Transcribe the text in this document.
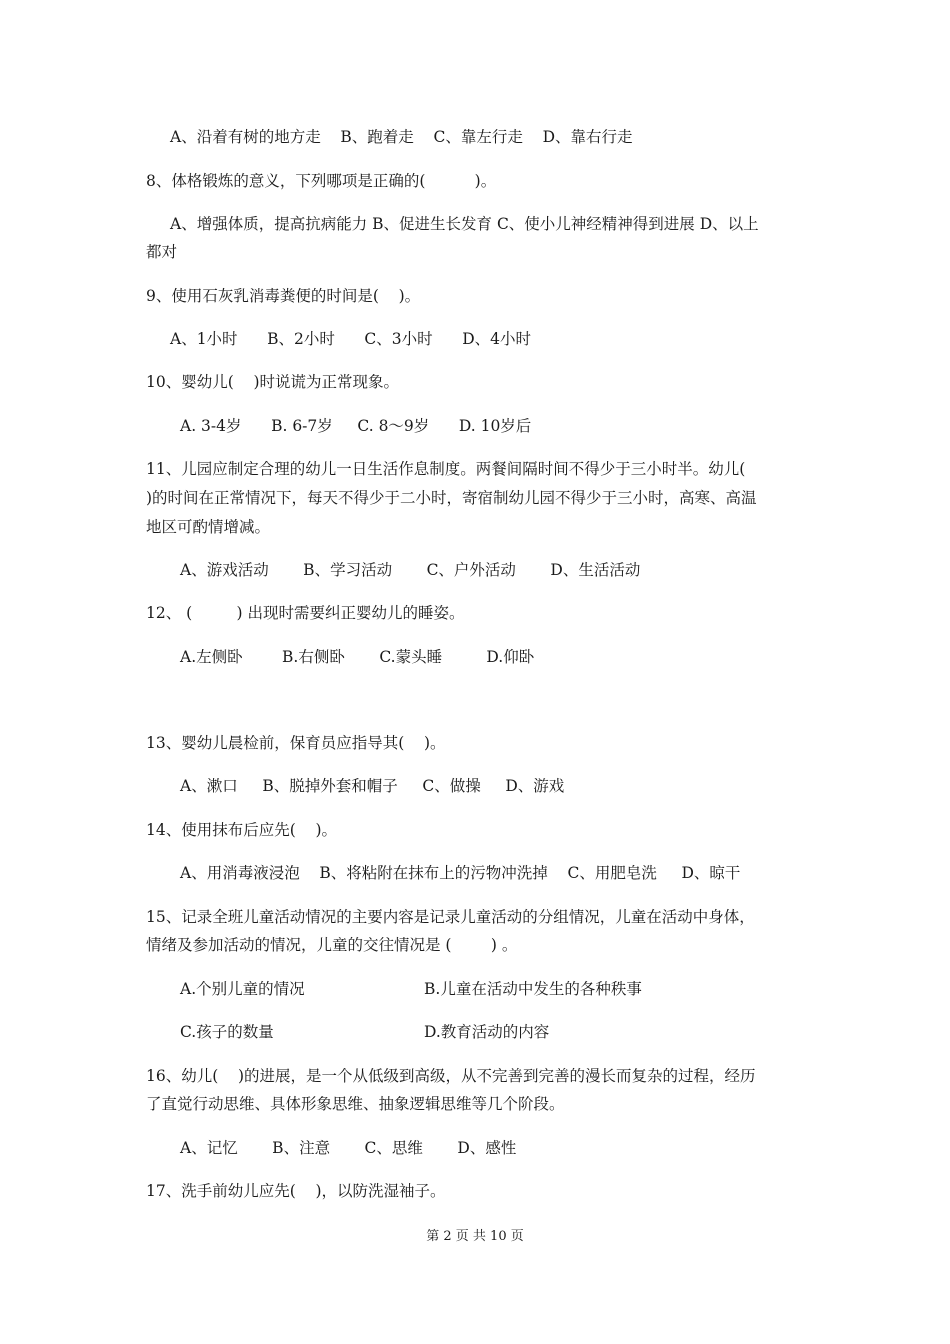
A、沿着有树的地方走    B、跑着走    C、靠左行走    D、靠右行走
8、体格锻炼的意义，下列哪项是正确的(          )。
A、增强体质，提高抗病能力 B、促进生长发育 C、使小儿神经精神得到进展 D、以上
都对
9、使用石灰乳消毒粪便的时间是(    )。
A、1小时      B、2小时      C、3小时      D、4小时
10、婴幼儿(    )时说谎为正常现象。
A. 3-4岁      B. 6-7岁     C. 8～9岁      D. 10岁后
11、儿园应制定合理的幼儿一日生活作息制度。两餐间隔时间不得少于三小时半。幼儿(
)的时间在正常情况下，每天不得少于二小时，寄宿制幼儿园不得少于三小时，高寒、高温
地区可酌情增减。
A、游戏活动       B、学习活动       C、户外活动       D、生活活动
12、 (         ) 出现时需要纠正婴幼儿的睡姿。
A.左侧卧        B.右侧卧       C.蒙头睡         D.仰卧
13、婴幼儿晨检前，保育员应指导其(    )。
A、漱口     B、脱掉外套和帽子     C、做操     D、游戏
14、使用抹布后应先(    )。
A、用消毒液浸泡    B、将粘附在抹布上的污物冲洗掉    C、用肥皂洗     D、晾干
15、记录全班儿童活动情况的主要内容是记录儿童活动的分组情况，儿童在活动中身体，
情绪及参加活动的情况，儿童的交往情况是 (        ) 。
A.个别儿童的情况	B.儿童在活动中发生的各种秩事
C.孩子的数量	D.教育活动的内容
16、幼儿(    )的进展，是一个从低级到高级，从不完善到完善的漫长而复杂的过程，经历
了直觉行动思维、具体形象思维、抽象逻辑思维等几个阶段。
A、记忆       B、注意       C、思维       D、感性
17、洗手前幼儿应先(    )，以防洗湿袖子。
第 2 页 共 10 页
